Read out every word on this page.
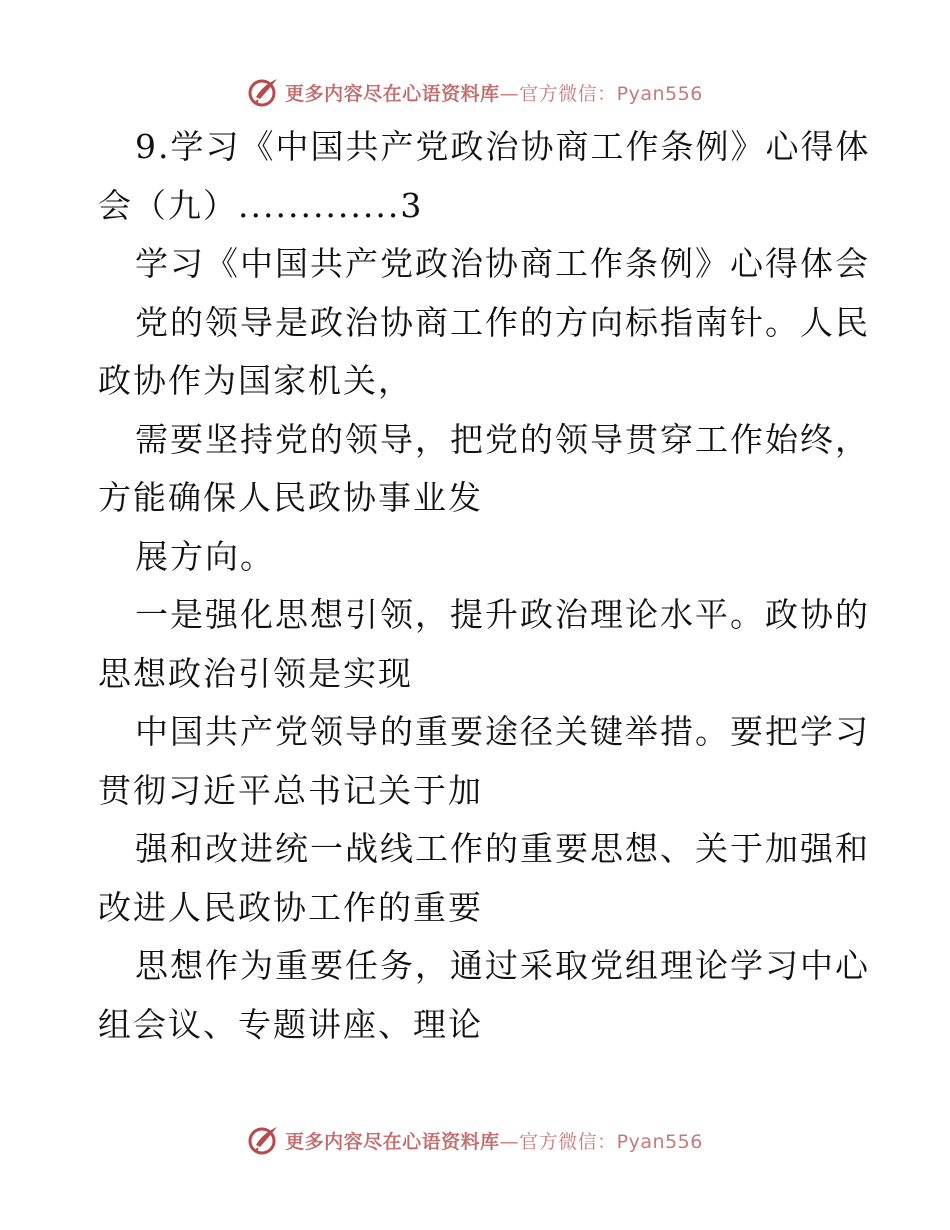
更多内容尽在心语资料库—官方微信：Pyan556
9.学习《中国共产党政治协商工作条例》心得体
会（九）.............3
学习《中国共产党政治协商工作条例》心得体会
党的领导是政治协商工作的方向标指南针。人民
政协作为国家机关，
需要坚持党的领导，把党的领导贯穿工作始终，
方能确保人民政协事业发
展方向。
一是强化思想引领，提升政治理论水平。政协的
思想政治引领是实现
中国共产党领导的重要途径关键举措。要把学习
贯彻习近平总书记关于加
强和改进统一战线工作的重要思想、关于加强和
改进人民政协工作的重要
思想作为重要任务，通过采取党组理论学习中心
组会议、专题讲座、理论
更多内容尽在心语资料库—官方微信：Pyan556
